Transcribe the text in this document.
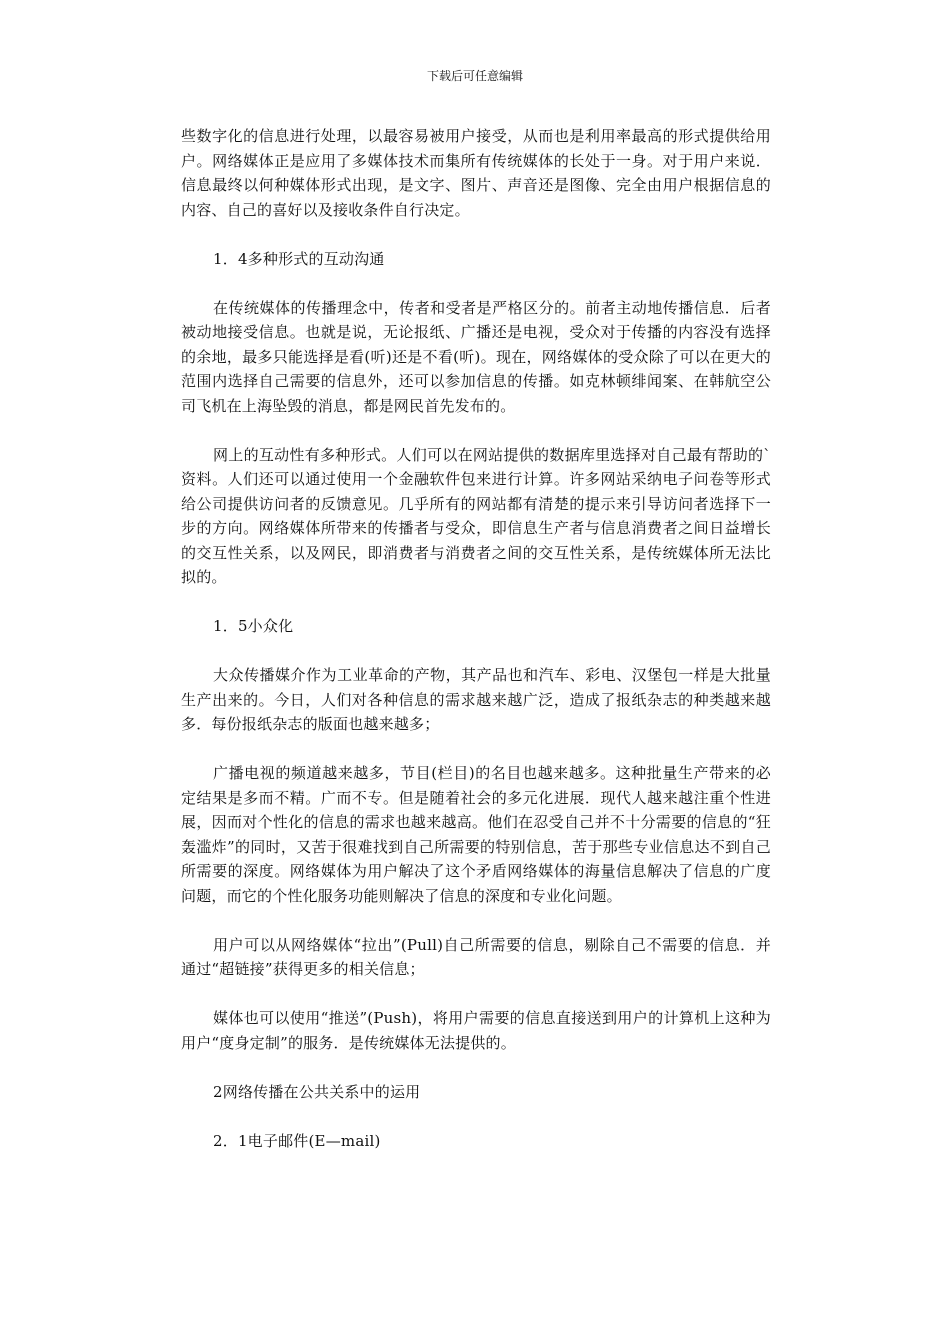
下载后可任意编辑

些数字化的信息进行处理，以最容易被用户接受，从而也是利用率最高的形式提供给用户。网络媒体正是应用了多媒体技术而集所有传统媒体的长处于一身。对于用户来说．信息最终以何种媒体形式出现，是文字、图片、声音还是图像、完全由用户根据信息的内容、自己的喜好以及接收条件自行决定。

1．4多种形式的互动沟通

在传统媒体的传播理念中，传者和受者是严格区分的。前者主动地传播信息．后者被动地接受信息。也就是说，无论报纸、广播还是电视，受众对于传播的内容没有选择的余地，最多只能选择是看(听)还是不看(听)。现在，网络媒体的受众除了可以在更大的范围内选择自己需要的信息外，还可以参加信息的传播。如克林顿绯闻案、在韩航空公司飞机在上海坠毁的消息，都是网民首先发布的。

网上的互动性有多种形式。人们可以在网站提供的数据库里选择对自己最有帮助的`资料。人们还可以通过使用一个金融软件包来进行计算。许多网站采纳电子问卷等形式给公司提供访问者的反馈意见。几乎所有的网站都有清楚的提示来引导访问者选择下一步的方向。网络媒体所带来的传播者与受众，即信息生产者与信息消费者之间日益增长的交互性关系，以及网民，即消费者与消费者之间的交互性关系，是传统媒体所无法比拟的。

1．5小众化

大众传播媒介作为工业革命的产物，其产品也和汽车、彩电、汉堡包一样是大批量生产出来的。今日，人们对各种信息的需求越来越广泛，造成了报纸杂志的种类越来越多．每份报纸杂志的版面也越来越多；

广播电视的频道越来越多，节目(栏目)的名目也越来越多。这种批量生产带来的必定结果是多而不精。广而不专。但是随着社会的多元化进展．现代人越来越注重个性进展，因而对个性化的信息的需求也越来越高。他们在忍受自己并不十分需要的信息的“狂轰滥炸”的同时，又苦于很难找到自己所需要的特别信息，苦于那些专业信息达不到自己所需要的深度。网络媒体为用户解决了这个矛盾网络媒体的海量信息解决了信息的广度问题，而它的个性化服务功能则解决了信息的深度和专业化问题。

用户可以从网络媒体“拉出”(Pull)自己所需要的信息，剔除自己不需要的信息．并通过“超链接”获得更多的相关信息；

媒体也可以使用“推送”(Push)，将用户需要的信息直接送到用户的计算机上这种为用户“度身定制”的服务．是传统媒体无法提供的。

2网络传播在公共关系中的运用

2．1电子邮件(E—mail)
